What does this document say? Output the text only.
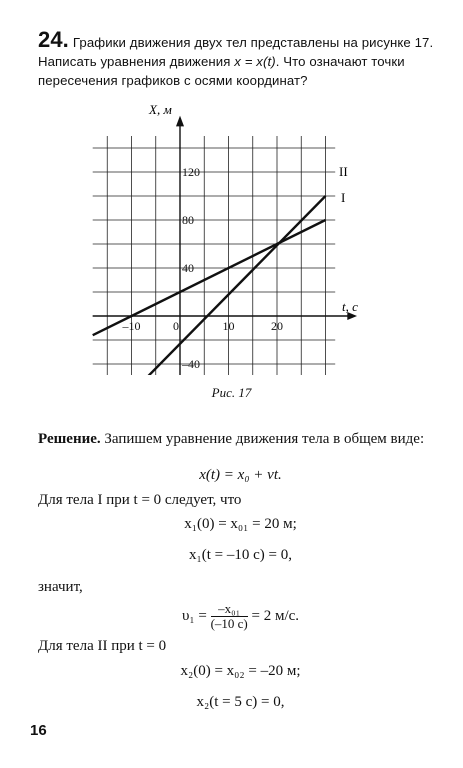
24. Графики движения двух тел представлены на рисунке 17. Написать уравнения движения x = x(t). Что означают точки пересечения графиков с осями координат?
–10	0	10	20
120
80
40
–40
X, м
t, с
II
I
Рис. 17
Решение. Запишем уравнение движения тела в общем виде:
x(t) = x₀ + vt.
Для тела I при t = 0 следует, что
x₁(0) = x₀₁ = 20 м;
x₁(t = –10 с) = 0,
значит,
$\upsilon_1 = \frac{\text{–x₀₁}}{(-10 с)} = 2$ м/с.
Для тела II при t = 0
x₂(0) = x₀₂ = –20 м;
x₂(t = 5 с) = 0,
16
